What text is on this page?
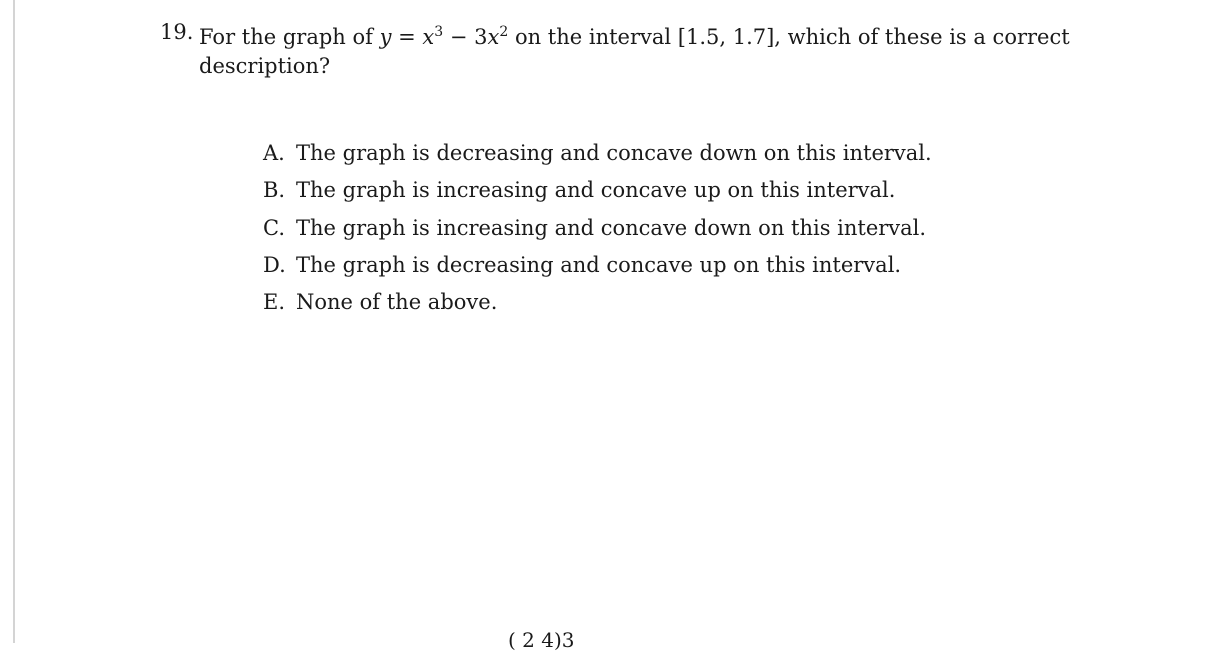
19. For the graph of $y = x^3 - 3x^2$ on the interval [1.5, 1.7], which of these is a correct description?
A. The graph is decreasing and concave down on this interval.
B. The graph is increasing and concave up on this interval.
C. The graph is increasing and concave down on this interval.
D. The graph is decreasing and concave up on this interval.
E. None of the above.
( 2 4)3
